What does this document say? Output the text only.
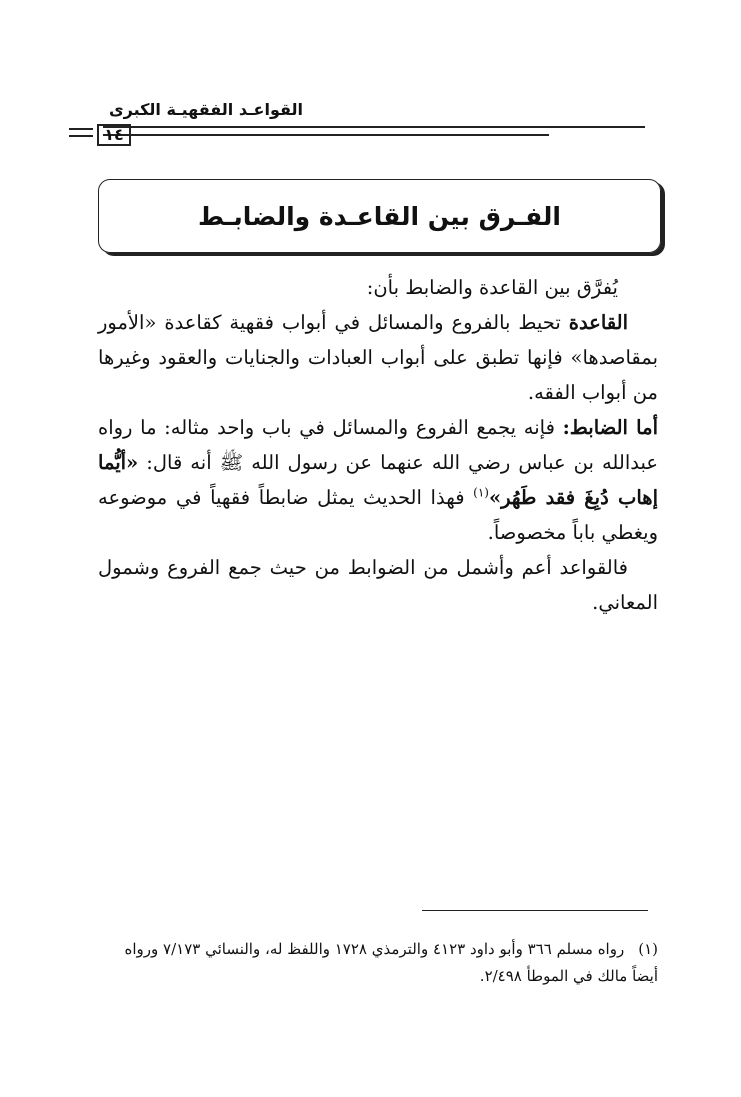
القواعـد الفقهيـة الكبرى
١٤
الفـرق بين القاعـدة والضابـط

يُفرَّق بين القاعدة والضابط بأن:

القاعدة تحيط بالفروع والمسائل في أبواب فقهية كقاعدة «الأمور بمقاصدها» فإنها تطبق على أبواب العبادات والجنايات والعقود وغيرها من أبواب الفقه.

أما الضابط: فإنه يجمع الفروع والمسائل في باب واحد مثاله: ما رواه عبدالله بن عباس رضي الله عنهما عن رسول الله ﷺ أنه قال: «أيُّما إهاب دُبِغَ فقد طَهُر»$^{(١)}$ فهذا الحديث يمثل ضابطاً فقهياً في موضوعه ويغطي باباً مخصوصاً.

فالقواعد أعم وأشمل من الضوابط من حيث جمع الفروع وشمول المعاني.

(١)رواه مسلم ٣٦٦ وأبو داود ٤١٢٣ والترمذي ١٧٢٨ واللفظ له، والنسائي ٧/١٧٣ ورواه أيضاً مالك في الموطأ ٢/٤٩٨.
